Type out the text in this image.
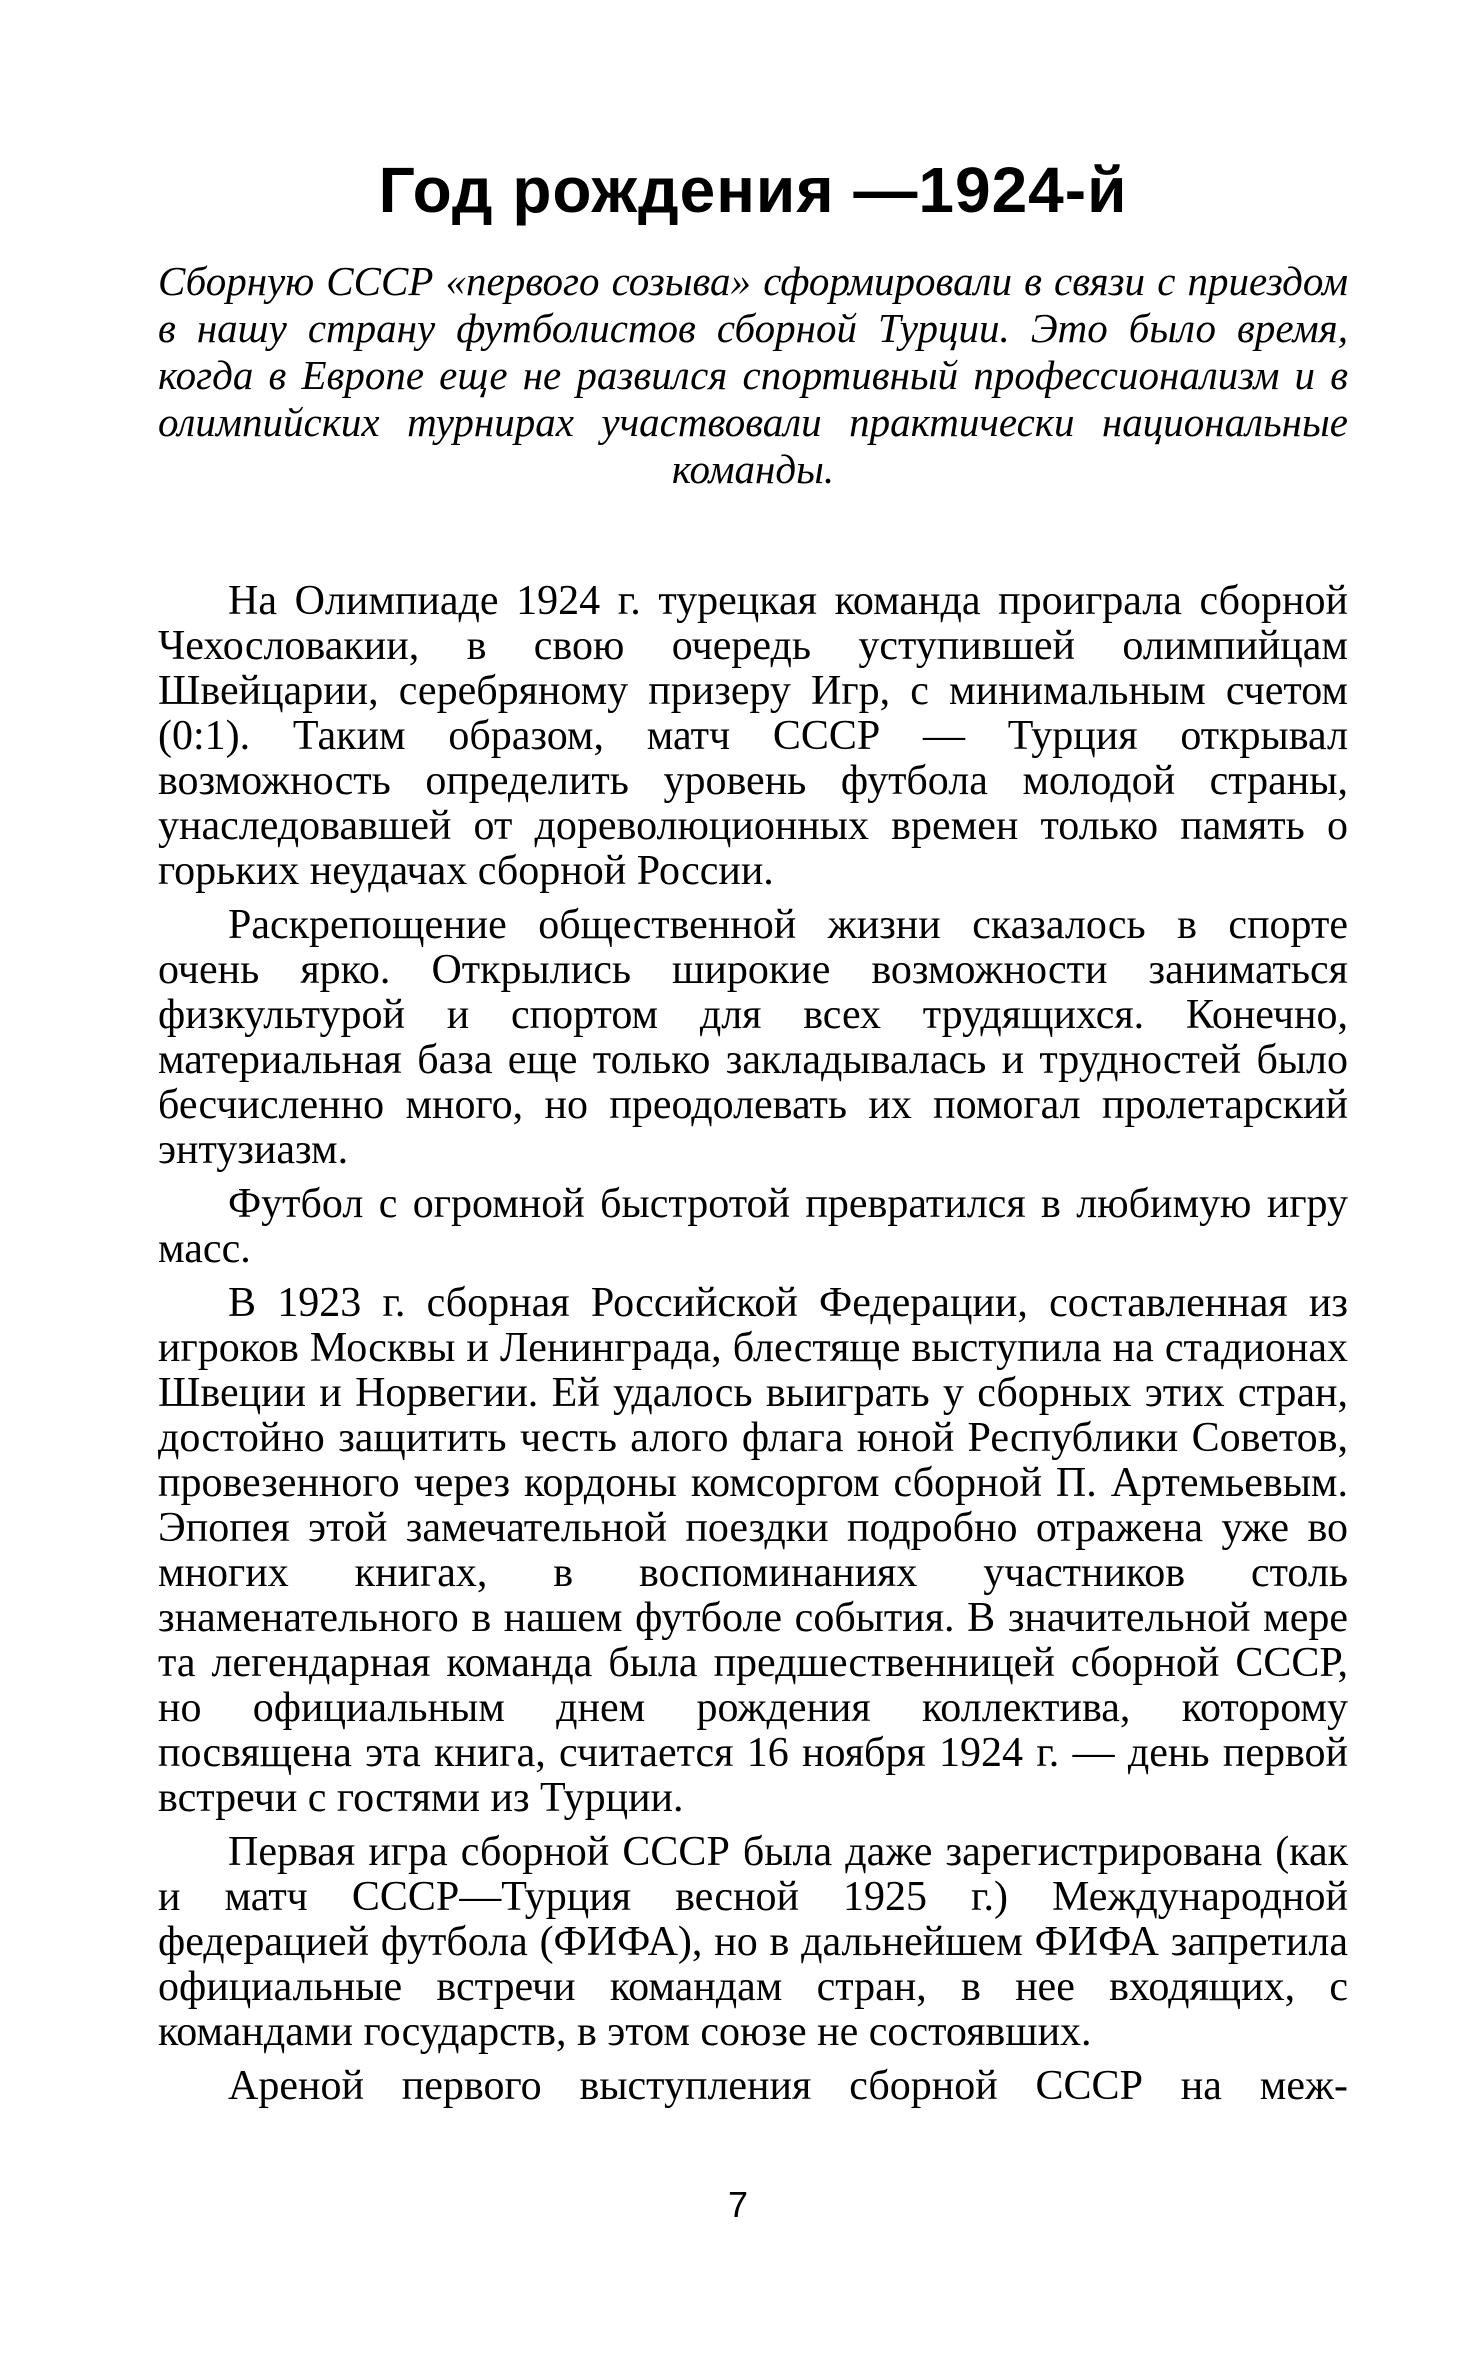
Год рождения —1924-й
Сборную СССР «первого созыва» сформировали в связи с приездом в нашу страну футболистов сборной Турции. Это было время, когда в Европе еще не развился спортивный профессионализм и в олимпийских турнирах участвовали практически национальные команды.

На Олимпиаде 1924 г. турецкая команда проиграла сборной Чехословакии, в свою очередь уступившей олимпийцам Швейцарии, серебряному призеру Игр, с минимальным счетом (0:1). Таким образом, матч СССР — Турция открывал возможность определить уровень футбола молодой страны, унаследовавшей от дореволюционных времен только память о горьких неудачах сборной России.

Раскрепощение общественной жизни сказалось в спорте очень ярко. Открылись широкие возможности заниматься физкультурой и спортом для всех трудящихся. Конечно, материальная база еще только закладывалась и трудностей было бесчисленно много, но преодолевать их помогал пролетарский энтузиазм.

Футбол с огромной быстротой превратился в любимую игру масс.

В 1923 г. сборная Российской Федерации, составленная из игроков Москвы и Ленинграда, блестяще выступила на стадионах Швеции и Норвегии. Ей удалось выиграть у сборных этих стран, достойно защитить честь алого флага юной Республики Советов, провезенного через кордоны комсоргом сборной П. Артемьевым. Эпопея этой замечательной поездки подробно отражена уже во многих книгах, в воспоминаниях участников столь знаменательного в нашем футболе события. В значительной мере та легендарная команда была предшественницей сборной СССР, но официальным днем рождения коллектива, которому посвящена эта книга, считается 16 ноября 1924 г. — день первой встречи с гостями из Турции.

Первая игра сборной СССР была даже зарегистрирована (как и матч СССР—Турция весной 1925 г.) Международной федерацией футбола (ФИФА), но в дальнейшем ФИФА запретила официальные встречи командам стран, в нее входящих, с командами государств, в этом союзе не состоявших.

Ареной первого выступления сборной СССР на меж-

7
